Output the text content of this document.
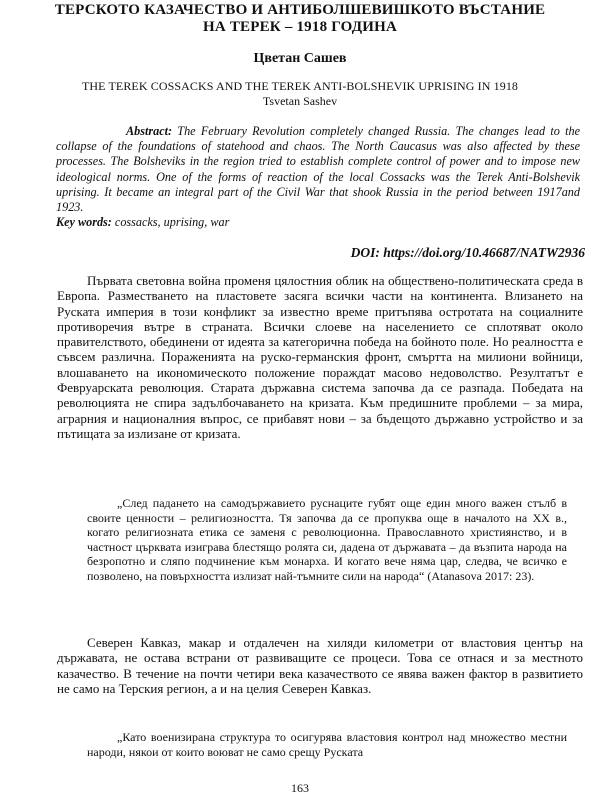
ТЕРСКОТО КАЗАЧЕСТВО И АНТИБОЛШЕВИШКОТО ВЪСТАНИЕ
НА ТЕРЕК – 1918 ГОДИНА
Цветан Сашев
THE TEREK COSSACKS AND THE TEREK ANTI-BOLSHEVIK UPRISING IN 1918
Tsvetan Sashev

Abstract: The February Revolution completely changed Russia. The changes lead to the collapse of the foundations of statehood and chaos. The North Caucasus was also affected by these processes. The Bolsheviks in the region tried to establish complete control of power and to impose new ideological norms. One of the forms of reaction of the local Cossacks was the Terek Anti-Bolshevik uprising. It became an integral part of the Civil War that shook Russia in the period between 1917and 1923.

Key words: cossacks, uprising, war
DOI: https://doi.org/10.46687/NATW2936
Първата световна война променя цялостния облик на обществено-политическата среда в Европа. Разместването на пластовете засяга всички части на континента. Влизането на Руската империя в този конфликт за известно време притъпява остротата на социалните противоречия вътре в страната. Всички слоеве на населението се сплотяват около правителството, обединени от идеята за категорична победа на бойното поле. Но реалността е съвсем различна. Пораженията на руско-германския фронт, смъртта на милиони войници, влошаването на икономическото положение пораждат масово недоволство. Резултатът е Февруарската революция. Старата държавна система започва да се разпада. Победата на революцията не спира задълбочаването на кризата. Към предишните проблеми – за мира, аграрния и националния въпрос, се прибавят нови – за бъдещото държавно устройство и за пътищата за излизане от кризата.
„След падането на самодържавието руснаците губят още един много важен стълб в своите ценности – религиозността. Тя започва да се пропуква още в началото на ХХ в., когато религиозната етика се заменя с революционна. Православното християнство, и в частност църквата изиграва блестящо ролята си, дадена от държавата – да възпита народа на безропотно и сляпо подчинение към монарха. И когато вече няма цар, следва, че всичко е позволено, на повърхността излизат най-тъмните сили на народа“ (Atanasova 2017: 23).
Северен Кавказ, макар и отдалечен на хиляди километри от властовия център на държавата, не остава встрани от развиващите се процеси. Това се отнася и за местното казачество. В течение на почти четири века казачеството се явява важен фактор в развитието не само на Терския регион, а и на целия Северен Кавказ.
„Като военизирана структура то осигурява властовия контрол над множество местни народи, някои от които воюват не само срещу Руската
163
